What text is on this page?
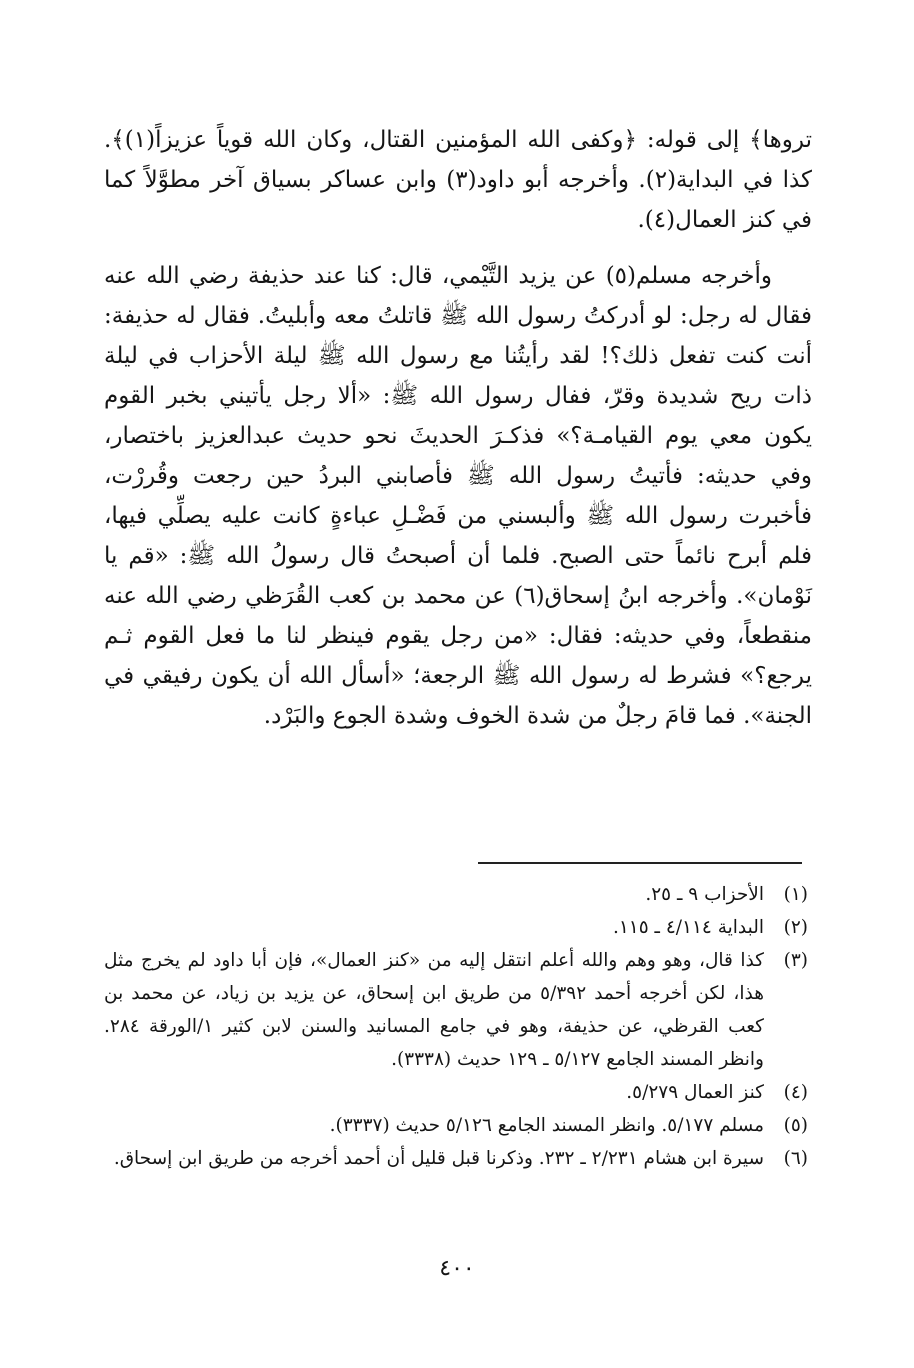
تروها﴾ إلى قوله: ﴿وكفى الله المؤمنين القتال، وكان الله قوياً عزيزاً(١)﴾. كذا في البداية(٢). وأخرجه أبو داود(٣) وابن عساكر بسياق آخر مطوَّلاً كما في كنز العمال(٤).

وأخرجه مسلم(٥) عن يزيد التَّيْمي، قال: كنا عند حذيفة رضي الله عنه فقال له رجل: لو أدركتُ رسول الله ﷺ قاتلتُ معه وأبليتُ. فقال له حذيفة: أنت كنت تفعل ذلك؟! لقد رأيتُنا مع رسول الله ﷺ ليلة الأحزاب في ليلة ذات ريح شديدة وقرّ، ففال رسول الله ﷺ: «ألا رجل يأتيني بخبر القوم يكون معي يوم القيامـة؟» فذكـرَ الحديثَ نحو حديث عبدالعزيز باختصار، وفي حديثه: فأتيتُ رسول الله ﷺ فأصابني البردُ حين رجعت وقُررْت، فأخبرت رسول الله ﷺ وألبسني من فَضْـلِ عباءةٍ كانت عليه يصلِّي فيها، فلم أبرح نائماً حتى الصبح. فلما أن أصبحتُ قال رسولُ الله ﷺ: «قم يا نَوْمان». وأخرجه ابنُ إسحاق(٦) عن محمد بن كعب القُرَظي رضي الله عنه منقطعاً، وفي حديثه: فقال: «من رجل يقوم فينظر لنا ما فعل القوم ثـم يرجع؟» فشرط له رسول الله ﷺ الرجعة؛ «أسأل الله أن يكون رفيقي في الجنة». فما قامَ رجلٌ من شدة الخوف وشدة الجوع والبَرْد.

(١)
الأحزاب ٩ ـ ٢٥.
(٢)
البداية ٤/١١٤ ـ ١١٥.
(٣)
كذا قال، وهو وهم والله أعلم انتقل إليه من «كنز العمال»، فإن أبا داود لم يخرج مثل هذا، لكن أخرجه أحمد ٥/٣٩٢ من طريق ابن إسحاق، عن يزيد بن زياد، عن محمد بن كعب القرظي، عن حذيفة، وهو في جامع المسانيد والسنن لابن كثير ١/الورقة ٢٨٤. وانظر المسند الجامع ٥/١٢٧ ـ ١٢٩ حديث (٣٣٣٨).
(٤)
كنز العمال ٥/٢٧٩.
(٥)
مسلم ٥/١٧٧. وانظر المسند الجامع ٥/١٢٦ حديث (٣٣٣٧).
(٦)
سيرة ابن هشام ٢/٢٣١ ـ ٢٣٢. وذكرنا قبل قليل أن أحمد أخرجه من طريق ابن إسحاق.
٤٠٠
